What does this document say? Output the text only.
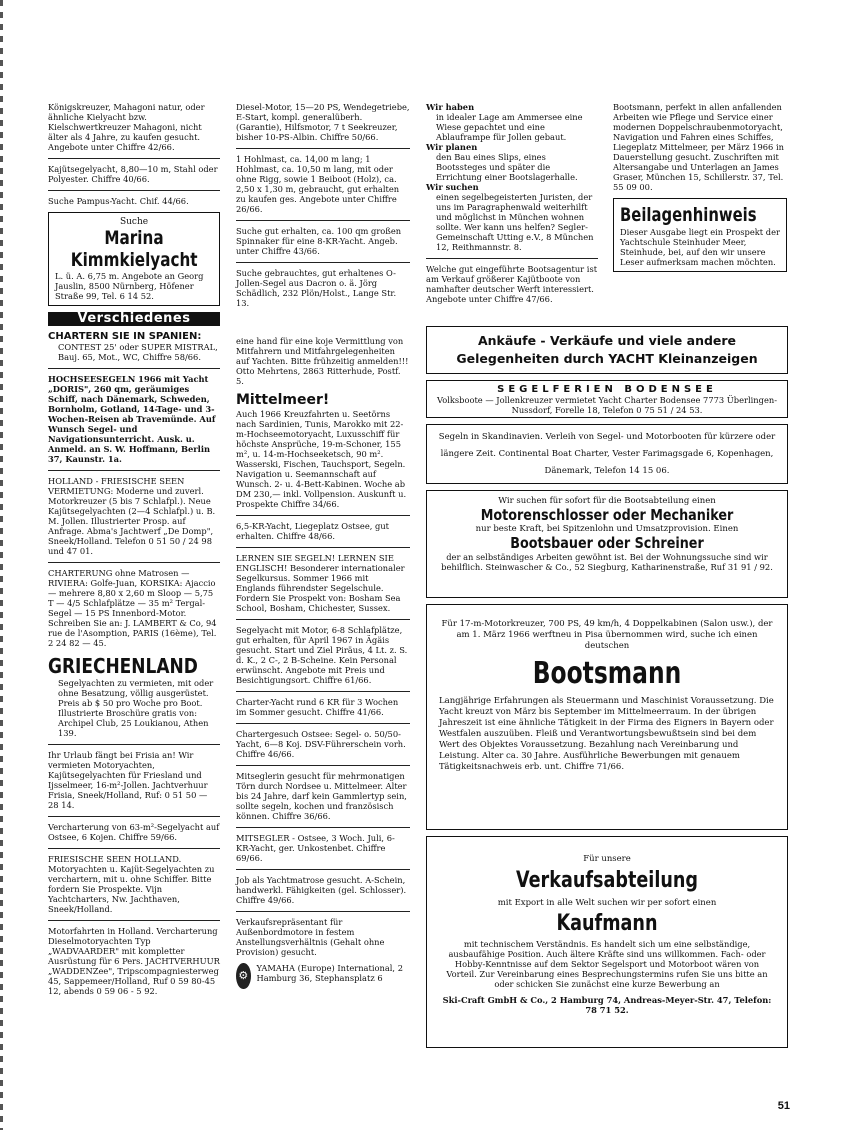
Königskreuzer, Mahagoni natur, oder ähnliche Kielyacht bzw. Kielschwertkreuzer Mahagoni, nicht älter als 4 Jahre, zu kaufen gesucht. Angebote unter Chiffre 42/66.
Kajütsegelyacht, 8,80—10 m, Stahl oder Polyester. Chiffre 40/66.
Suche Pampus-Yacht. Chif. 44/66.
Suche
Marina
Kimmkielyacht
L. ü. A. 6,75 m. Angebote an Georg Jauslin, 8500 Nürnberg, Höfener Straße 99, Tel. 6 14 52.
Verschiedenes
CHARTERN SIE IN SPANIEN:
CONTEST 25' oder SUPER MISTRAL, Bauj. 65, Mot., WC, Chiffre 58/66.
HOCHSEESEGELN 1966 mit Yacht „DORIS", 260 qm, geräumiges Schiff, nach Dänemark, Schweden, Bornholm, Gotland, 14-Tage- und 3-Wochen-Reisen ab Travemünde. Auf Wunsch Segel- und Navigationsunterricht. Ausk. u. Anmeld. an S. W. Hoffmann, Berlin 37, Kaunstr. 1a.
HOLLAND - FRIESISCHE SEEN VERMIETUNG: Moderne und zuverl. Motorkreuzer (5 bis 7 Schlafpl.). Neue Kajütsegelyachten (2—4 Schlafpl.) u. B. M. Jollen. Illustrierter Prosp. auf Anfrage. Abma's Jachtwerf „De Domp", Sneek/Holland. Telefon 0 51 50 / 24 98 und 47 01.
CHARTERUNG ohne Matrosen — RIVIERA: Golfe-Juan, KORSIKA: Ajaccio — mehrere 8,80 x 2,60 m Sloop — 5,75 T — 4/5 Schlafplätze — 35 m² Tergal-Segel — 15 PS Innenbord-Motor. Schreiben Sie an: J. LAMBERT & Co, 94 rue de l'Asomption, PARIS (16ème), Tel. 2 24 82 — 45.
GRIECHENLAND
Segelyachten zu vermieten, mit oder ohne Besatzung, völlig ausgerüstet. Preis ab $ 50 pro Woche pro Boot. Illustrierte Broschüre gratis von: Archipel Club, 25 Loukianou, Athen 139.
Ihr Urlaub fängt bei Frisia an! Wir vermieten Motoryachten, Kajütsegelyachten für Friesland und Ijsselmeer, 16-m²-Jollen. Jachtverhuur Frisia, Sneek/Holland, Ruf: 0 51 50 — 28 14.
Vercharterung von 63-m²-Segelyacht auf Ostsee, 6 Kojen. Chiffre 59/66.
FRIESISCHE SEEN HOLLAND. Motoryachten u. Kajüt-Segelyachten zu verchartern, mit u. ohne Schiffer. Bitte fordern Sie Prospekte. Vijn Yachtcharters, Nw. Jachthaven, Sneek/Holland.
Motorfahrten in Holland. Vercharterung Dieselmotoryachten Typ „WADVAARDER" mit kompletter Ausrüstung für 6 Pers. JACHTVERHUUR „WADDENZee", Tripscompagniesterweg 45, Sappemeer/Holland, Ruf 0 59 80-45 12, abends 0 59 06 - 5 92.
Diesel-Motor, 15—20 PS, Wendegetriebe, E-Start, kompl. generalüberh. (Garantie), Hilfsmotor, 7 t Seekreuzer, bisher 10-PS-Albin. Chiffre 50/66.
1 Hohlmast, ca. 14,00 m lang; 1 Hohlmast, ca. 10,50 m lang, mit oder ohne Rigg, sowie 1 Beiboot (Holz), ca. 2,50 x 1,30 m, gebraucht, gut erhalten zu kaufen ges. Angebote unter Chiffre 26/66.
Suche gut erhalten, ca. 100 qm großen Spinnaker für eine 8-KR-Yacht. Angeb. unter Chiffre 43/66.
Suche gebrauchtes, gut erhaltenes O-Jollen-Segel aus Dacron o. ä. Jörg Schädlich, 232 Plön/Holst., Lange Str. 13.
eine hand für eine koje Vermittlung von Mitfahrern und Mitfahrgelegenheiten auf Yachten. Bitte frühzeitig anmelden!!! Otto Mehrtens, 2863 Ritterhude, Postf. 5.
Mittelmeer!
Auch 1966 Kreuzfahrten u. Seetörns nach Sardinien, Tunis, Marokko mit 22-m-Hochseemotoryacht, Luxusschiff für höchste Ansprüche, 19-m-Schoner, 155 m², u. 14-m-Hochseeketsch, 90 m². Wasserski, Fischen, Tauchsport, Segeln. Navigation u. Seemannschaft auf Wunsch. 2- u. 4-Bett-Kabinen. Woche ab DM 230,— inkl. Vollpension. Auskunft u. Prospekte Chiffre 34/66.
6,5-KR-Yacht, Liegeplatz Ostsee, gut erhalten. Chiffre 48/66.
LERNEN SIE SEGELN! LERNEN SIE ENGLISCH! Besonderer internationaler Segelkursus. Sommer 1966 mit Englands führendster Segelschule. Fordern Sie Prospekt von: Bosham Sea School, Bosham, Chichester, Sussex.
Segelyacht mit Motor, 6-8 Schlafplätze, gut erhalten, für April 1967 in Ägäis gesucht. Start und Ziel Piräus, 4 Lt. z. S. d. K., 2 C-, 2 B-Scheine. Kein Personal erwünscht. Angebote mit Preis und Besichtigungsort. Chiffre 61/66.
Charter-Yacht rund 6 KR für 3 Wochen im Sommer gesucht. Chiffre 41/66.
Chartergesuch Ostsee: Segel- o. 50/50-Yacht, 6—8 Koj. DSV-Führerschein vorh. Chiffre 46/66.
Mitseglerin gesucht für mehrmonatigen Törn durch Nordsee u. Mittelmeer. Alter bis 24 Jahre, darf kein Gammlertyp sein, sollte segeln, kochen und französisch können. Chiffre 36/66.
MITSEGLER - Ostsee, 3 Woch. Juli, 6-KR-Yacht, ger. Unkostenbet. Chiffre 69/66.
Job als Yachtmatrose gesucht. A-Schein, handwerkl. Fähigkeiten (gel. Schlosser). Chiffre 49/66.
Verkaufsrepräsentant für Außenbordmotore in festem Anstellungsverhältnis (Gehalt ohne Provision) gesucht.
⚙
YAMAHA (Europe) International, 2 Hamburg 36, Stephansplatz 6

Wir haben

in idealer Lage am Ammersee eine Wiese gepachtet und eine Ablauframpe für Jollen gebaut.

Wir planen

den Bau eines Slips, eines Bootssteges und später die Errichtung einer Bootslagerhalle.

Wir suchen

einen segelbegeisterten Juristen, der uns im Paragraphenwald weiterhilft und möglichst in München wohnen sollte. Wer kann uns helfen? Segler-Gemeinschaft Utting e.V., 8 München 12, Reithmannstr. 8.

Welche gut eingeführte Bootsagentur ist am Verkauf größerer Kajütboote von namhafter deutscher Werft interessiert. Angebote unter Chiffre 47/66.
Bootsmann, perfekt in allen anfallenden Arbeiten wie Pflege und Service einer modernen Doppelschraubenmotoryacht, Navigation und Fahren eines Schiffes, Liegeplatz Mittelmeer, per März 1966 in Dauerstellung gesucht. Zuschriften mit Altersangabe und Unterlagen an James Graser, München 15, Schillerstr. 37, Tel. 55 09 00.
Beilagenhinweis
Dieser Ausgabe liegt ein Prospekt der Yachtschule Steinhuder Meer, Steinhude, bei, auf den wir unsere Leser aufmerksam machen möchten.
Ankäufe - Verkäufe und viele andere Gelegenheiten durch YACHT Kleinanzeigen
SEGELFERIEN BODENSEE
Volksboote — Jollenkreuzer vermietet Yacht Charter Bodensee 7773 Überlingen-Nussdorf, Forelle 18, Telefon 0 75 51 / 24 53.
Segeln in Skandinavien. Verleih von Segel- und Motorbooten für kürzere oder längere Zeit. Continental Boat Charter, Vester Farimagsgade 6, Kopenhagen, Dänemark, Telefon 14 15 06.
Wir suchen für sofort für die Bootsabteilung einen
Motorenschlosser oder Mechaniker
nur beste Kraft, bei Spitzenlohn und Umsatzprovision. Einen
Bootsbauer oder Schreiner
der an selbständiges Arbeiten gewöhnt ist. Bei der Wohnungssuche sind wir behilflich. Steinwascher & Co., 52 Siegburg, Katharinenstraße, Ruf 31 91 / 92.
Für 17-m-Motorkreuzer, 700 PS, 49 km/h, 4 Doppelkabinen (Salon usw.), der am 1. März 1966 werftneu in Pisa übernommen wird, suche ich einen deutschen
Bootsmann
Langjährige Erfahrungen als Steuermann und Maschinist Voraussetzung. Die Yacht kreuzt von März bis September im Mittelmeerraum. In der übrigen Jahreszeit ist eine ähnliche Tätigkeit in der Firma des Eigners in Bayern oder Westfalen auszuüben. Fleiß und Verantwortungsbewußtsein sind bei dem Wert des Objektes Voraussetzung. Bezahlung nach Vereinbarung und Leistung. Alter ca. 30 Jahre. Ausführliche Bewerbungen mit genauem Tätigkeitsnachweis erb. unt. Chiffre 71/66.
Für unsere
Verkaufsabteilung
mit Export in alle Welt suchen wir per sofort einen
Kaufmann
mit technischem Verständnis. Es handelt sich um eine selbständige, ausbaufähige Position. Auch ältere Kräfte sind uns willkommen. Fach- oder Hobby-Kenntnisse auf dem Sektor Segelsport und Motorboot wären von Vorteil. Zur Vereinbarung eines Besprechungstermins rufen Sie uns bitte an oder schicken Sie zunächst eine kurze Bewerbung an
Ski-Craft GmbH & Co., 2 Hamburg 74, Andreas-Meyer-Str. 47, Telefon: 78 71 52.
51
